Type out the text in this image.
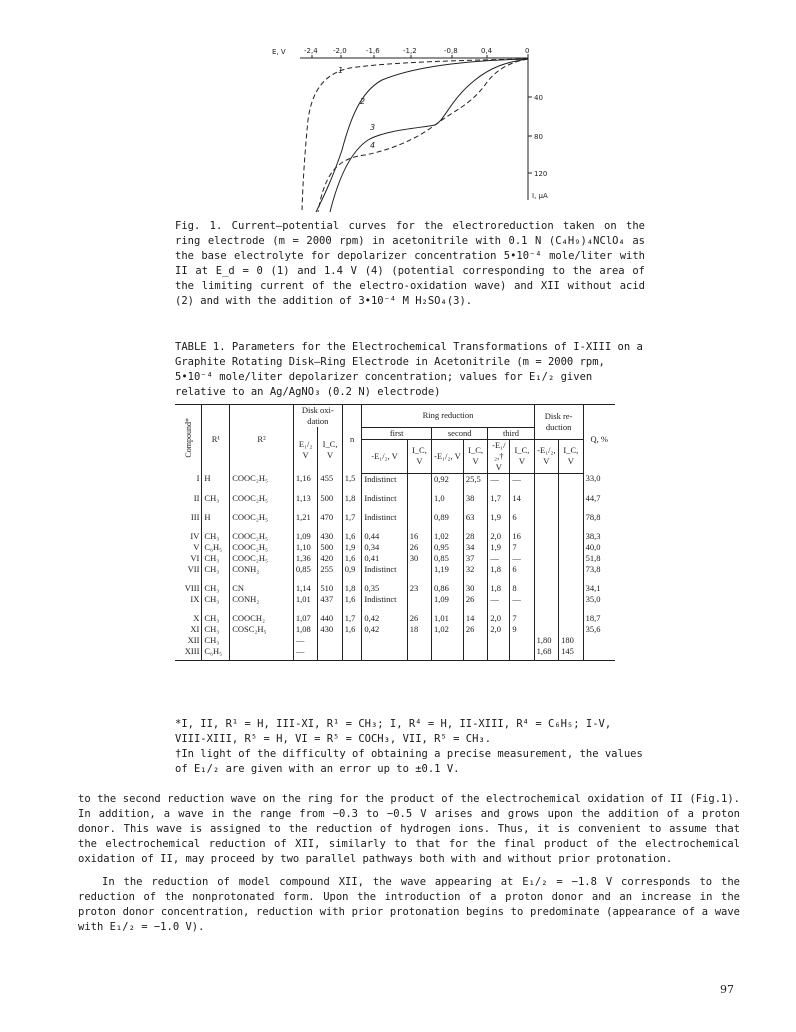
E, V	-2,4 -2,0	-1,6	-1,2	-0,8	0,4	0
40
80
120
I, μA
1
2
3
4

Fig. 1. Current—potential curves for the electroreduction taken on the ring electrode (m = 2000 rpm) in acetonitrile with 0.1 N (C₄H₉)₄NClO₄ as the base electrolyte for depolarizer concentration 5•10⁻⁴ mole/liter with II at E_d = 0 (1) and 1.4 V (4) (potential corresponding to the area of the limiting current of the electro-oxidation wave) and XII without acid (2) and with the addition of 3•10⁻⁴ M H₂SO₄(3).

TABLE 1. Parameters for the Electrochemical Transformations of I-XIII on a Graphite Rotating Disk—Ring Electrode in Acetonitrile (m = 2000 rpm, 5•10⁻⁴ mole/liter depolarizer concentration; values for E₁/₂ given relative to an Ag/AgNO₃ (0.2 N) electrode)
Compound*	R¹	R²	Disk oxi-dation		n	Ring reduction						Disk re-duction		Q, %
			E₁/₂ V	I_C, V		first		second		third				
						-E₁/₂, V	I_C, V	-E₁/₂, V	I_C, V	-E₁/₂,† V	I_C, V	-E₁/₂, V	I_C, V	
I	H	COOC₂H₅	1,16	455	1,5	Indistinct		0,92	25,5	—	—			33,0
II	CH₃	COOC₂H₅	1,13	500	1,8	Indistinct		1,0	38	1,7	14			44,7
III	H	COOC₂H₅	1,21	470	1,7	Indistinct		0,89	63	1,9	6			78,8
IV	CH₃	COOC₂H₅	1,09	430	1,6	0,44	16	1,02	28	2,0	16			38,3
V	C₆H₅	COOC₂H₅	1,10	500	1,9	0,34	26	0,95	34	1,9	7			40,0
VI	CH₃	COOC₂H₅	1,36	420	1,6	0,41	30	0,85	37	—	—			51,8
VII	CH₃	CONH₂	0,85	255	0,9	Indistinct		1,19	32	1,8	6			73,8
VIII	CH₃	CN	1,14	510	1,8	0,35	23	0,86	30	1,8	8			34,1
IX	CH₃	CONH₂	1,01	437	1,6	Indistinct		1,09	26	—	—			35,0
X	CH₃	COOCH₂	1,07	440	1,7	0,42	26	1,01	14	2,0	7			18,7
XI	CH₃	COSC₂H₅	1,08	430	1,6	0,42	18	1,02	26	2,0	9			35,6
XII	CH₃		—									1,80	180	
XIII	C₆H₅		—									1,68	145	
*I, II, R¹ = H, III-XI, R¹ = CH₃; I, R⁴ = H, II-XIII, R⁴ = C₆H₅; I-V, VIII-XIII, R⁵ = H, VI = R⁵ = COCH₃, VII, R⁵ = CH₃.
†In light of the difficulty of obtaining a precise measurement, the values of E₁/₂ are given with an error up to ±0.1 V.

to the second reduction wave on the ring for the product of the electrochemical oxidation of II (Fig.1). In addition, a wave in the range from −0.3 to −0.5 V arises and grows upon the addition of a proton donor. This wave is assigned to the reduction of hydrogen ions. Thus, it is convenient to assume that the electrochemical reduction of XII, similarly to that for the final product of the electrochemical oxidation of II, may proceed by two parallel pathways both with and without prior protonation.

In the reduction of model compound XII, the wave appearing at E₁/₂ = −1.8 V corresponds to the reduction of the nonprotonated form. Upon the introduction of a proton donor and an increase in the proton donor concentration, reduction with prior protonation begins to predominate (appearance of a wave with E₁/₂ = −1.0 V).

97
